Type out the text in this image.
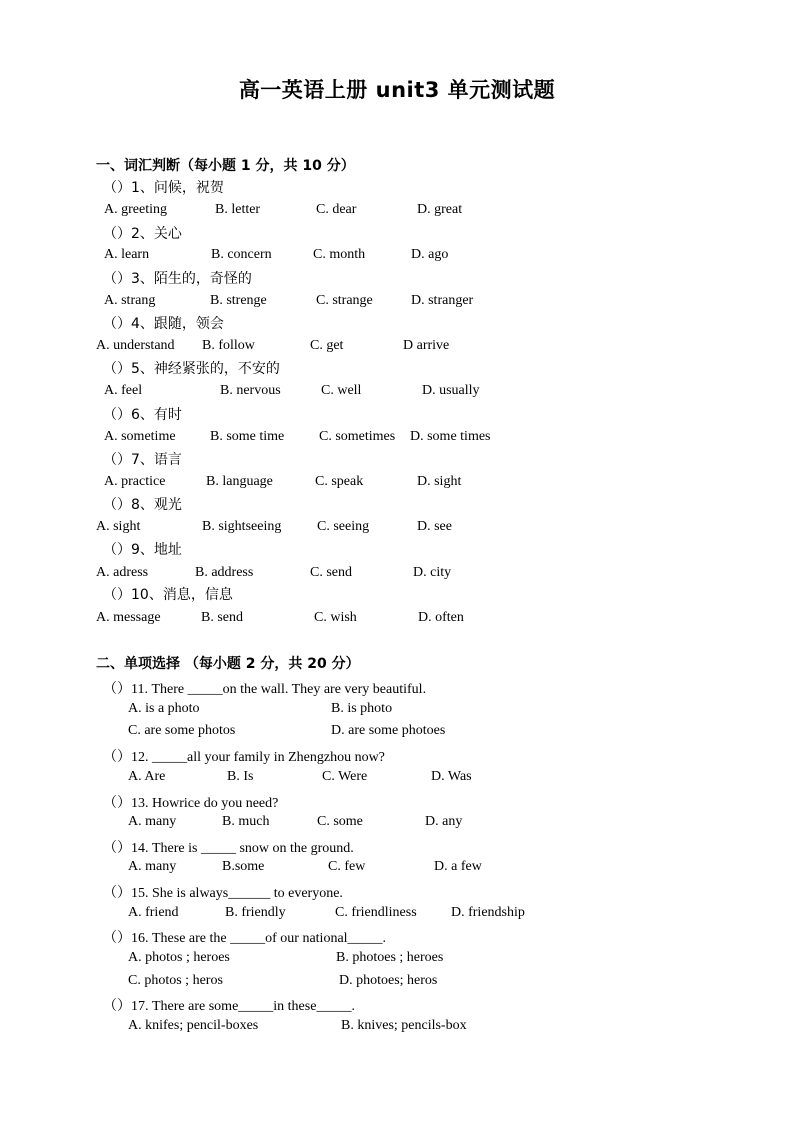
高一英语上册 unit3 单元测试题
一、词汇判断（每小题 1 分，共 10 分）
（）1、问候，祝贺
A. greeting	B. letter	C. dear	D. great
（）2、关心
A. learn	B. concern	C. month	D. ago
（）3、陌生的，奇怪的
A. strang	B. strenge	C. strange	D. stranger
（）4、跟随，领会
A. understand B. follow	C. get	D arrive
（）5、神经紧张的，不安的
A. feel	B. nervous	C. well	D. usually
（）6、有时
A. sometime B. some time C. sometimes D. some times
（）7、语言
A. practice	B. language	C. speak	D. sight
（）8、观光
A. sight	B. sightseeing	C. seeing	D. see
（）9、地址
A. adress	B. address	C. send	D. city
（）10、消息，信息
A. message	B. send	C. wish	D. often
二、单项选择 （每小题 2 分，共 20 分）
（）11. There _____on the wall. They are very beautiful.
A. is a photo	B. is photo
C. are some photos	D. are some photoes
（）12. _____all your family in Zhengzhou now?
A. Are	B. Is	C. Were	D. Was
（）13. Howrice do you need?
A. many	B. much	C. some	D. any
（）14. There is _____ snow on the ground.
A. many	B.some	C. few	D. a few
（）15. She is always______ to everyone.
A. friend	B. friendly	C. friendliness D. friendship
（）16. These are the _____of our national_____.
A. photos ; heroes	B. photoes ; heroes
C. photos ; heros	D. photoes; heros
（）17. There are some_____in these_____.
A. knifes; pencil-boxes	B. knives; pencils-box
